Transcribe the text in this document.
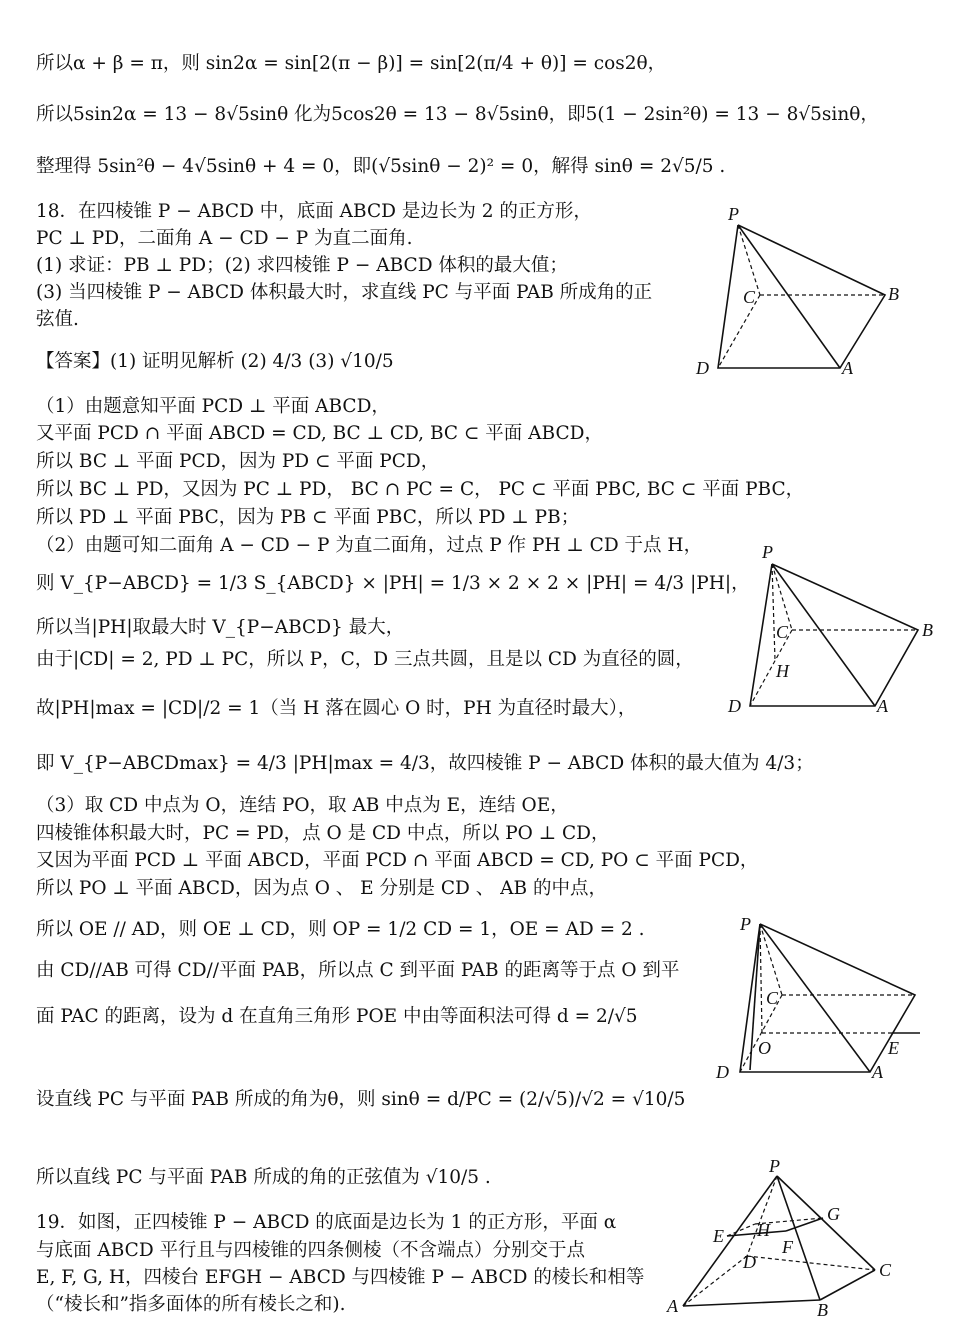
所以α + β = π，则 sin2α = sin[2(π − β)] = sin[2(π/4 + θ)] = cos2θ，
所以5sin2α = 13 − 8√5sinθ 化为5cos2θ = 13 − 8√5sinθ，即5(1 − 2sin²θ) = 13 − 8√5sinθ，
整理得 5sin²θ − 4√5sinθ + 4 = 0，即(√5sinθ − 2)² = 0，解得 sinθ = 2√5/5 .
18．在四棱锥 P − ABCD 中，底面 ABCD 是边长为 2 的正方形，
PC ⊥ PD，二面角 A − CD − P 为直二面角.
(1) 求证：PB ⊥ PD；(2) 求四棱锥 P − ABCD 体积的最大值；
(3) 当四棱锥 P − ABCD 体积最大时，求直线 PC 与平面 PAB 所成角的正
弦值.
【答案】(1) 证明见解析 (2) 4/3 (3) √10/5
（1）由题意知平面 PCD ⊥ 平面 ABCD，
又平面 PCD ∩ 平面 ABCD = CD, BC ⊥ CD, BC ⊂ 平面 ABCD，
所以 BC ⊥ 平面 PCD，因为 PD ⊂ 平面 PCD，
所以 BC ⊥ PD，又因为 PC ⊥ PD， BC ∩ PC = C， PC ⊂ 平面 PBC, BC ⊂ 平面 PBC，
所以 PD ⊥ 平面 PBC，因为 PB ⊂ 平面 PBC，所以 PD ⊥ PB；
（2）由题可知二面角 A − CD − P 为直二面角，过点 P 作 PH ⊥ CD 于点 H，
则 V_{P−ABCD} = 1/3 S_{ABCD} × |PH| = 1/3 × 2 × 2 × |PH| = 4/3 |PH|，
所以当|PH|取最大时 V_{P−ABCD} 最大，
由于|CD| = 2, PD ⊥ PC，所以 P，C，D 三点共圆，且是以 CD 为直径的圆，
故|PH|max = |CD|/2 = 1（当 H 落在圆心 O 时，PH 为直径时最大），
即 V_{P−ABCDmax} = 4/3 |PH|max = 4/3，故四棱锥 P − ABCD 体积的最大值为 4/3；
（3）取 CD 中点为 O，连结 PO，取 AB 中点为 E，连结 OE，
四棱锥体积最大时，PC = PD，点 O 是 CD 中点，所以 PO ⊥ CD，
又因为平面 PCD ⊥ 平面 ABCD，平面 PCD ∩ 平面 ABCD = CD, PO ⊂ 平面 PCD，
所以 PO ⊥ 平面 ABCD，因为点 O 、 E 分别是 CD 、 AB 的中点，
所以 OE // AD，则 OE ⊥ CD，则 OP = 1/2 CD = 1，OE = AD = 2 .
由 CD//AB 可得 CD//平面 PAB，所以点 C 到平面 PAB 的距离等于点 O 到平
面 PAC 的距离，设为 d 在直角三角形 POE 中由等面积法可得 d = 2/√5
设直线 PC 与平面 PAB 所成的角为θ，则 sinθ = d/PC = (2/√5)/√2 = √10/5
所以直线 PC 与平面 PAB 所成的角的正弦值为 √10/5 .
19．如图，正四棱锥 P − ABCD 的底面是边长为 1 的正方形，平面 α
与底面 ABCD 平行且与四棱锥的四条侧棱（不含端点）分别交于点
E, F, G, H，四棱台 EFGH − ABCD 与四棱锥 P − ABCD 的棱长和相等
（“棱长和”指多面体的所有棱长之和).
P
B
C
D	A
P
B
C
H
D	A
P
C
O	E
D	A
P
G
E H
F
D	C
A	B
